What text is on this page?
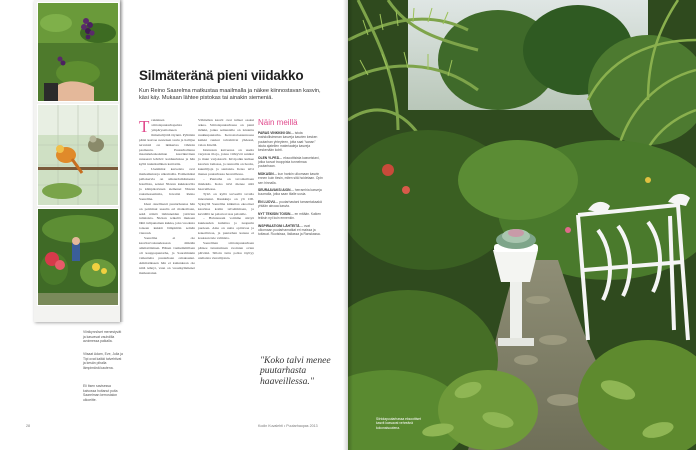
Viinikynnöset menestyvät ja kasvavat vauhdilla avoimessa paikalla.
Viisaat Adam, Eve, Julia ja Tipi ovat kaikki talvehtivat ja kesän pihalla lämpimänä kautena.
Eli Itsen savisessa kaivossa hoitanut puita Saarelman kerrostalon ulkoeitte.
Silmäteränä pieni viidakko

Kun Reino Saarelma matkustaa maailmalla ja näkee kiinnostavan kasvin, käsi käy. Mukaan lähtee pistokas tai ainakin siemeniä.

Trakisinen siirtolapuutarhapalsta ympärysaitoineen ihmettelijöitä täynnä. Pyhäisin pääsi kasvaa nesteisen taulu ja hallijaa terveisiä on ikäkertaa vihdoin pasmautu. Puutarhallansa maatatkrieskaisman kasvikuvinen runsaasti lehtivä: kaiduurinkaa ja hän kyllä tuuletkullinen karttatila.

– Useimmat kasveista ovat matkamuistoja ulkomailta. Esimerkiksi pallokervia on amsterdamilaisesta hotellista, sennat Nizzan kukkatorilta ja käärpikoivuen siemenet Nizzan rautatieasemalta, havaitsi Reino Saarelma.

Ideat oleellisesti puutarhaansa hän on poiminut usealta eri matkoiltaan, sekä näistä ilahtuneiden ystävien tuliaisista. Nizzan retkeltä mukaan lähti tulipunainen kukka, joka vuodesta toiseen kukkii lämpimän seinän vieressä.

Saarelma ei ole kasvitarvaisuudessaan mikään ammattilainen. Hänen vanhemmillaan oli kauppapuutarha, ja Saarelmakin vaikutteita puutarhaan omaksunut. Ammatikseen hän ei kuitenkaan ole niitä tehnyt, vaan on vuosikymmenet matkustanut.

Vähitellen kasvit ovat tulleet osaksi arkea. Siirtolapuutarhassa on pieni mökki, jonka seinustalle on istutettu ruukkupuutarha. Kerrostaloasunnossa kaikki ruukut talvehtivat yhdessä, valon äärellä.

Istutusten katveessa on useita varjoisia tiloja, joissa viihtyvät sanikat ja muut varjokasvit. Kivipolku kulkee kasvien lomassa, ja reunoilla on hostia, kuunliljoja ja saniaisia. Koko talvi menee puutarhassa haaveillessa.

– Puutarha on tavoitteiltaan mielekäs. Koko talvi menee siitä haaveillessa.

Tyttö on kyllä terveellä tavalla innostunut. Ruukkuja on yli 100. Syksyllä Saarelma kiikuttaa ekootiset kasvinsa kotiin talvehtimaan, ja keväällä ne palaavat taas palstalle.

– Halutessani voimme siirtyä kuukauden kuluttua jo naapurin puoleen. Aina on uutta opittavaa ja kokeiltavaa, ja puutarhan kanssa ei koskaan tule valmista.

Saarelman siirtolapuutarhaan pääsee tutustumaan avointen ovien päivänä. Silloin tuttu polku täyttyy uteliaista vierailijoista.

Näin meillä
PARAS VINKKINI ON… istuta mahdollisimman kasveja kasvien kesken puutarhan yhteyteen, jotta saat "sanan" istuta ajatellen materiaaleja kasveja keskenään kohti.
OLEN YLPEÄ… eksoottisista kasveistani, jotka tuovat trooppista tunnelmaa puutarhaan.
MOKASIN… kun hankin ulkomaan kasvin ennen kuin tiesin, miten sitä hoidetaan. Opin sen hinnalla.
SEURAAVAKSI AION… herramhia kasveja kuumalla, jotka saan tilalle uusia.
EN LUOVU… puutarhastani tamamtakaakä yhtään ainoaa kasvia.
NYT TEKISIN TOISIN… en mitään. Kaiken tekisin nyt kuin ennenkin.
INSPIRAATIONI LÄHTEITÄ… ovat ulkomaan puutarhamatkat eri maissa ja tuttavat. Ruotsissa, Italiassa ja Ranskassa.

"Koko talvi menee puutarhasta haaveillessa."

28	Kodin Kuvalehti • Puutarhaopas 2013
Siirtolapuutarhassa eksoottiset kasvit kasvavat vehreänä kokonaisuutena.
